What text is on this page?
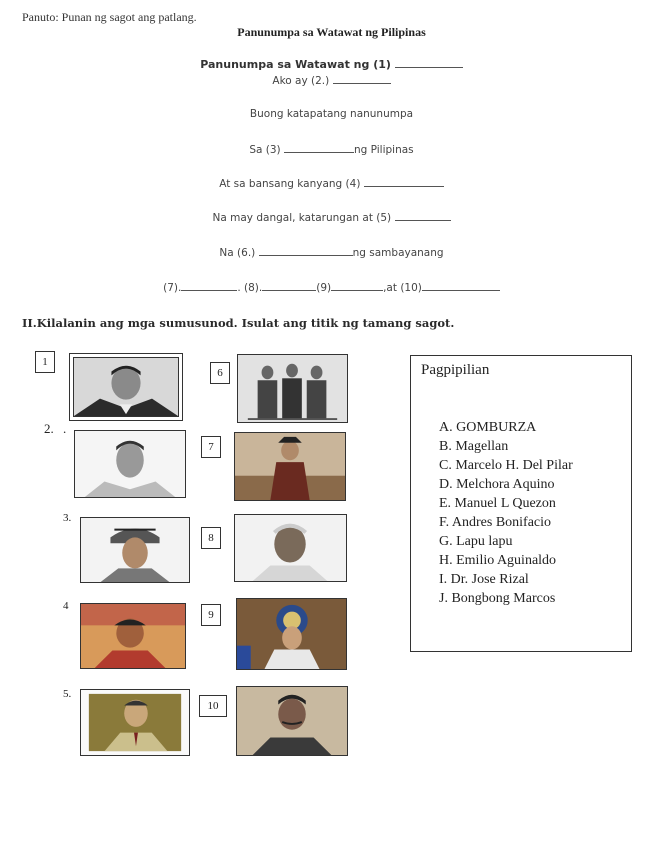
Panuto: Punan ng sagot ang patlang.
Panunumpa sa Watawat ng Pilipinas
Panunumpa sa Watawat ng (1)
Ako ay (2.)
Buong katapatang nanunumpa
Sa (3)	ng Pilipinas
At sa bansang kanyang (4)
Na may dangal, katarungan at (5)
Na (6.)	ng sambayanang
(7).	. (8).	(9)	,at (10)
II.Kilalanin ang mga sumusunod. Isulat ang titik ng tamang sagot.
1
2. .
3.
4
5.
6
7
8
9
10
Pagpipilian
A. GOMBURZA
B. Magellan
C. Marcelo H. Del Pilar
D. Melchora Aquino
E. Manuel L Quezon
F. Andres Bonifacio
G. Lapu lapu
H. Emilio Aguinaldo
I. Dr. Jose Rizal
J. Bongbong Marcos
